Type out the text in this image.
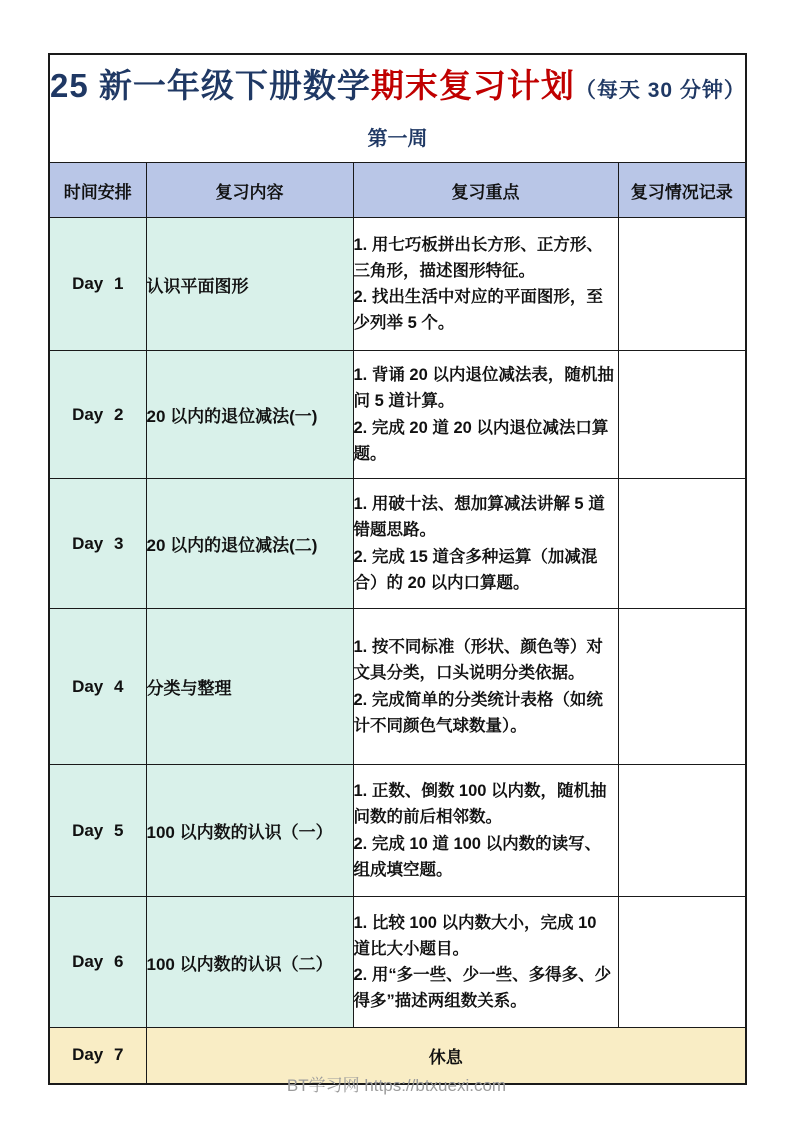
25 新一年级下册数学期末复习计划（每天 30 分钟）
第一周			

时间安排	复习内容	复习重点	复习情况记录
Day 1	认识平面图形	1. 用七巧板拼出长方形、正方形、三角形，描述图形特征。
2. 找出生活中对应的平面图形，至少列举 5 个。	

Day 2	20 以内的退位减法(一)	1. 背诵 20 以内退位减法表，随机抽问 5 道计算。
2. 完成 20 道 20 以内退位减法口算题。	

Day 3	20 以内的退位减法(二)	1. 用破十法、想加算减法讲解 5 道错题思路。
2. 完成 15 道含多种运算（加减混合）的 20 以内口算题。	

Day 4	分类与整理	1. 按不同标准（形状、颜色等）对文具分类，口头说明分类依据。
2. 完成简单的分类统计表格（如统计不同颜色气球数量）。	

Day 5	100 以内数的认识（一）	1. 正数、倒数 100 以内数，随机抽问数的前后相邻数。
2. 完成 10 道 100 以内数的读写、组成填空题。	

Day 6	100 以内数的认识（二）	1. 比较 100 以内数大小，完成 10 道比大小题目。
2. 用“多一些、少一些、多得多、少得多”描述两组数关系。	

Day 7	休息		
BT学习网 https://btxuexi.com
